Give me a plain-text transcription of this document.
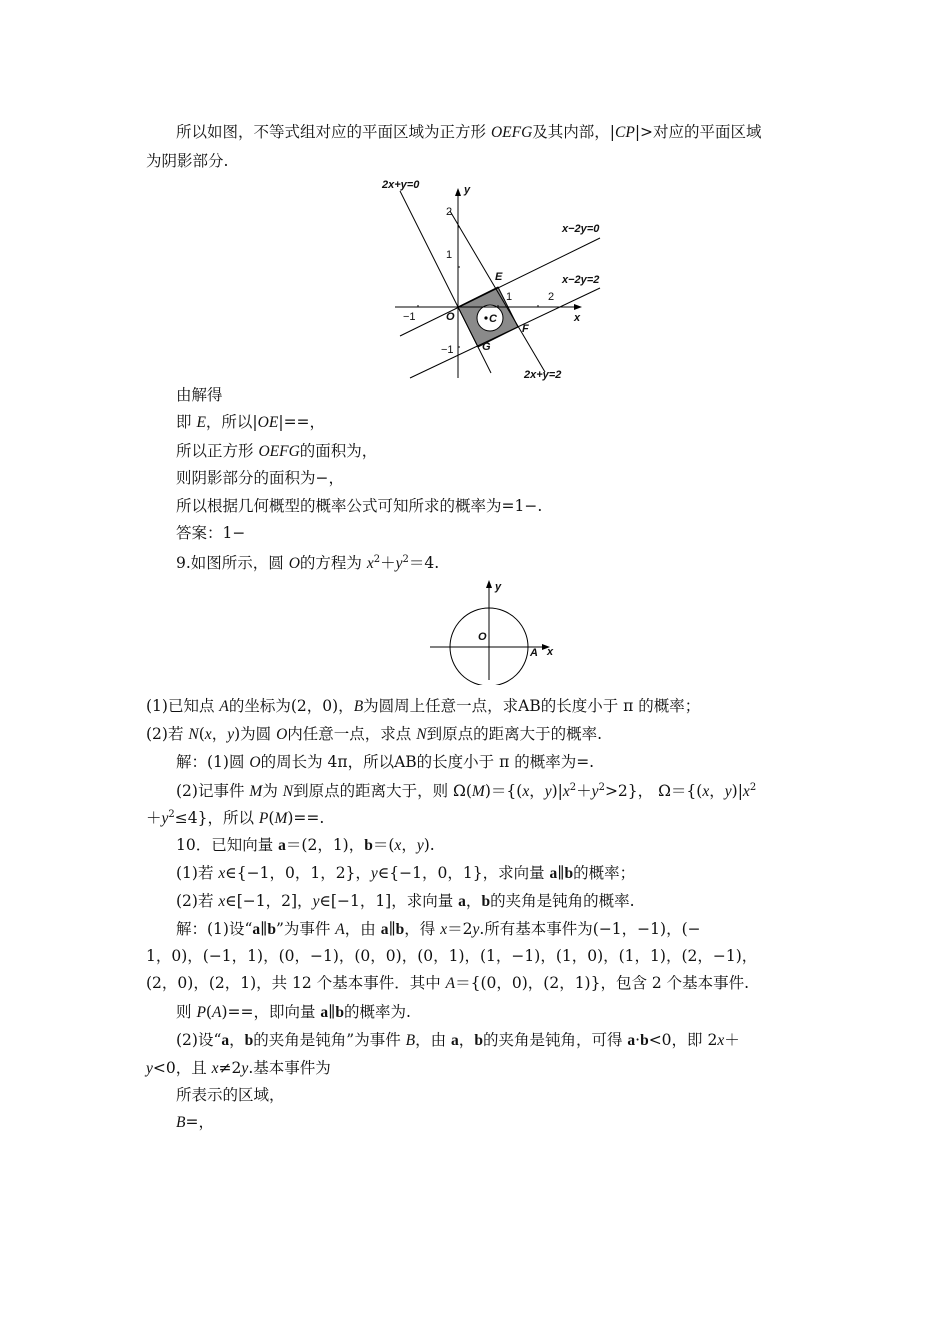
所以如图，不等式组对应的平面区域为正方形 OEFG及其内部，|CP|>对应的平面区域
为阴影部分.
2x+y=0	y
2
x−2y=0
1
E
1	2
x−2y=2
−1	O	C
F
x
−1	G
2x+y=2
由解得
即 E，所以|OE|==，
所以正方形 OEFG的面积为，
则阴影部分的面积为−，
所以根据几何概型的概率公式可知所求的概率为=1−.
答案：1−
9.如图所示，圆 O的方程为 $x^2+y^2=4$.
y
O
A x
(1)已知点 A的坐标为(2，0)，B为圆周上任意一点，求AB的长度小于 π 的概率；
(2)若 N(x，y)为圆 O内任意一点，求点 N到原点的距离大于的概率.
解：(1)圆 O的周长为 4π，所以AB的长度小于 π 的概率为=.
(2)记事件 M为 N到原点的距离大于，则 Ω(M)＝{(x，$y)|x^2+y^2>2$}， Ω＝{(x，$y)|x^2$
$+y^2\le 4$}，所以 P(M)==.
10．已知向量 a＝(2，1)，b＝(x，y).
(1)若 x∈{−1，0，1，2}，y∈{−1，0，1}，求向量 a∥b的概率；
(2)若 x∈[−1，2]，y∈[−1，1]，求向量 a，b的夹角是钝角的概率.
解：(1)设“a∥b”为事件 A，由 a∥b，得 x＝2y.所有基本事件为(−1，−1)，(−
1，0)，(−1，1)，(0，−1)，(0，0)，(0，1)，(1，−1)，(1，0)，(1，1)，(2，−1)，
(2，0)，(2，1)，共 12 个基本事件．其中 A＝{(0，0)，(2，1)}，包含 2 个基本事件.
则 P(A)==，即向量 a∥b的概率为.
(2)设“a，b的夹角是钝角”为事件 B，由 a，b的夹角是钝角，可得 a·b<0，即 2x＋
y<0，且 x≠2y.基本事件为
所表示的区域，
B=，
